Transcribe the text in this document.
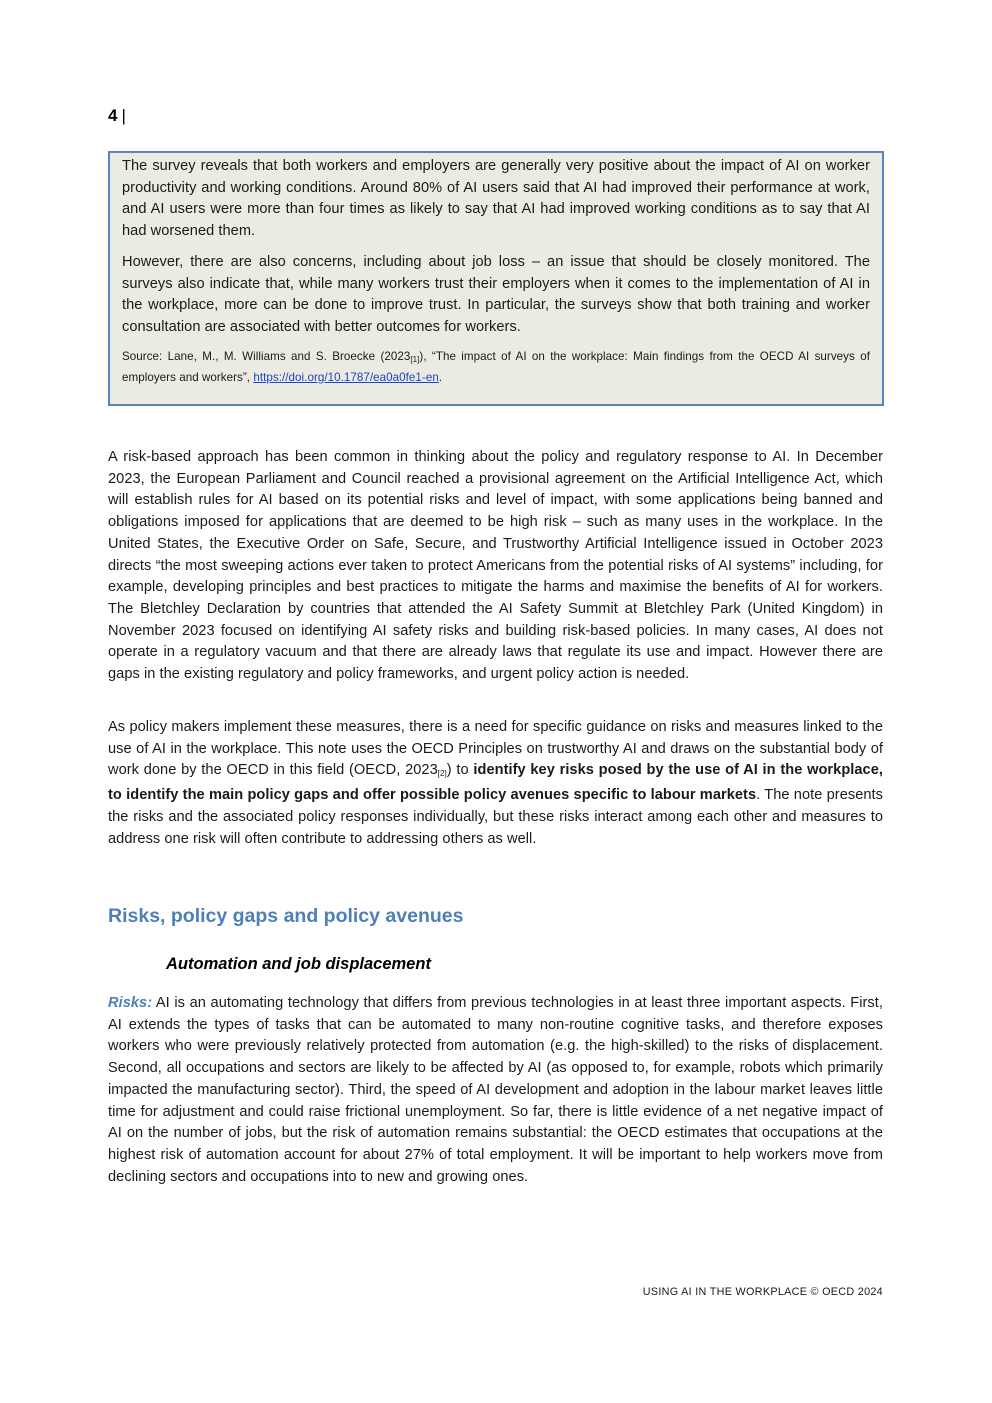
4 |

The survey reveals that both workers and employers are generally very positive about the impact of AI on worker productivity and working conditions. Around 80% of AI users said that AI had improved their performance at work, and AI users were more than four times as likely to say that AI had improved working conditions as to say that AI had worsened them.

However, there are also concerns, including about job loss – an issue that should be closely monitored. The surveys also indicate that, while many workers trust their employers when it comes to the implementation of AI in the workplace, more can be done to improve trust. In particular, the surveys show that both training and worker consultation are associated with better outcomes for workers.

Source: Lane, M., M. Williams and S. Broecke $(2023_{[1]})$, “The impact of AI on the workplace: Main findings from the OECD AI surveys of employers and workers”, https://doi.org/10.1787/ea0a0fe1-en.
A risk-based approach has been common in thinking about the policy and regulatory response to AI. In December 2023, the European Parliament and Council reached a provisional agreement on the Artificial Intelligence Act, which will establish rules for AI based on its potential risks and level of impact, with some applications being banned and obligations imposed for applications that are deemed to be high risk – such as many uses in the workplace. In the United States, the Executive Order on Safe, Secure, and Trustworthy Artificial Intelligence issued in October 2023 directs “the most sweeping actions ever taken to protect Americans from the potential risks of AI systems” including, for example, developing principles and best practices to mitigate the harms and maximise the benefits of AI for workers. The Bletchley Declaration by countries that attended the AI Safety Summit at Bletchley Park (United Kingdom) in November 2023 focused on identifying AI safety risks and building risk-based policies. In many cases, AI does not operate in a regulatory vacuum and that there are already laws that regulate its use and impact. However there are gaps in the existing regulatory and policy frameworks, and urgent policy action is needed.
As policy makers implement these measures, there is a need for specific guidance on risks and measures linked to the use of AI in the workplace. This note uses the OECD Principles on trustworthy AI and draws on the substantial body of work done by the OECD in this field (OECD, $2023_{[2]}$) to identify key risks posed by the use of AI in the workplace, to identify the main policy gaps and offer possible policy avenues specific to labour markets. The note presents the risks and the associated policy responses individually, but these risks interact among each other and measures to address one risk will often contribute to addressing others as well.
Risks, policy gaps and policy avenues
Automation and job displacement
Risks: AI is an automating technology that differs from previous technologies in at least three important aspects. First, AI extends the types of tasks that can be automated to many non-routine cognitive tasks, and therefore exposes workers who were previously relatively protected from automation (e.g. the high-skilled) to the risks of displacement. Second, all occupations and sectors are likely to be affected by AI (as opposed to, for example, robots which primarily impacted the manufacturing sector). Third, the speed of AI development and adoption in the labour market leaves little time for adjustment and could raise frictional unemployment. So far, there is little evidence of a net negative impact of AI on the number of jobs, but the risk of automation remains substantial: the OECD estimates that occupations at the highest risk of automation account for about 27% of total employment. It will be important to help workers move from declining sectors and occupations into to new and growing ones.
USING AI IN THE WORKPLACE © OECD 2024
